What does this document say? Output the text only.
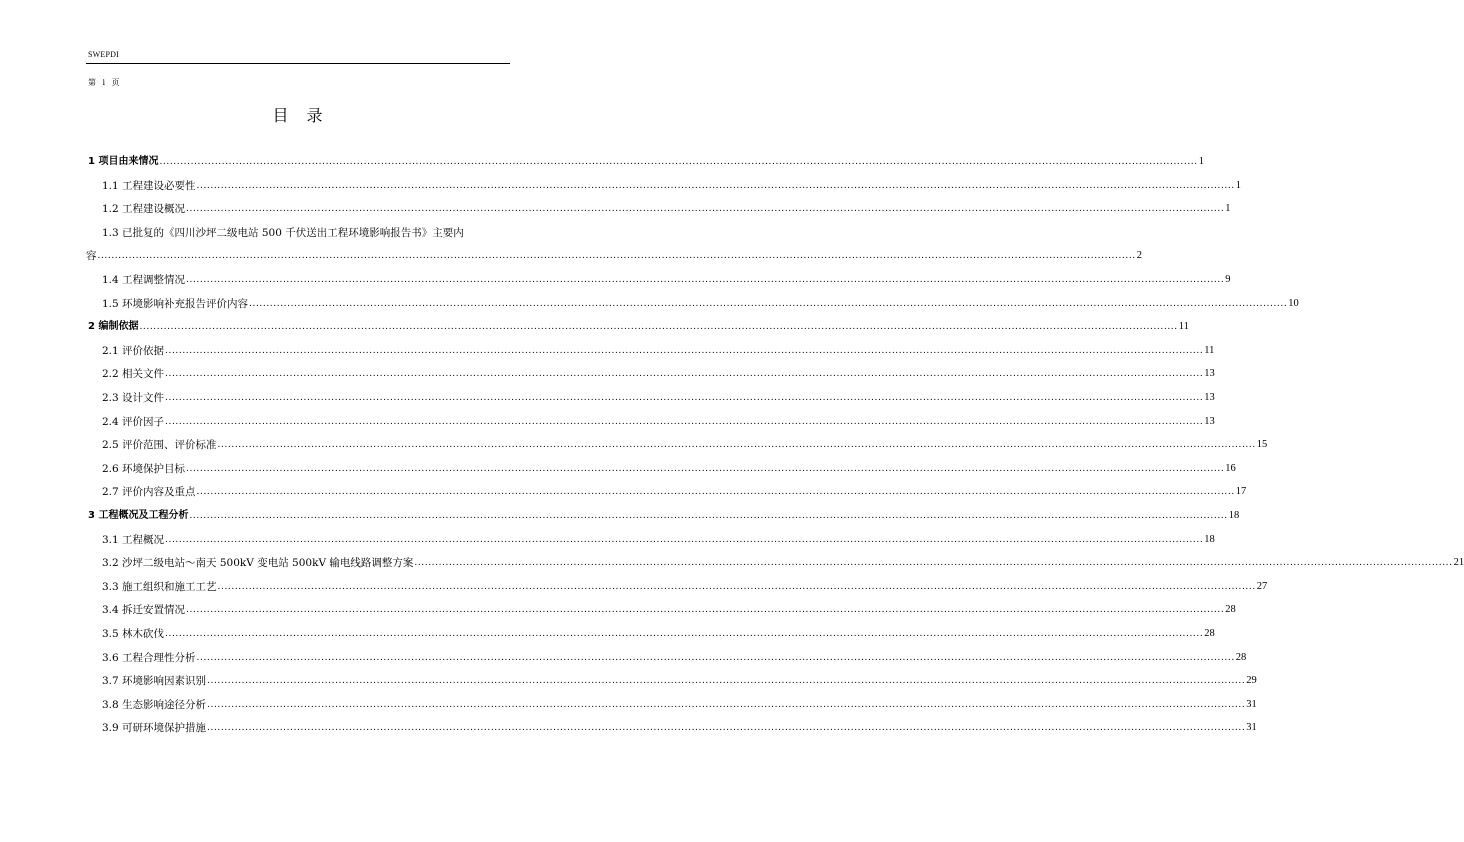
SWEPDI
第 i 页
目录
1 项目由来情况 ............................................................................................................................................................................................................................................................................................................ 1
1.1 工程建设必要性 ............................................................................................................................................................................................................................................................................................................ 1
1.2 工程建设概况 ............................................................................................................................................................................................................................................................................................................ 1
1.3 已批复的《四川沙坪二级电站 500 千伏送出工程环境影响报告书》主要内
容 ............................................................................................................................................................................................................................................................................................................ 2
1.4 工程调整情况 ............................................................................................................................................................................................................................................................................................................ 9
1.5 环境影响补充报告评价内容 ............................................................................................................................................................................................................................................................................................................ 10
2 编制依据 ............................................................................................................................................................................................................................................................................................................ 11
2.1 评价依据 ............................................................................................................................................................................................................................................................................................................ 11
2.2 相关文件 ............................................................................................................................................................................................................................................................................................................ 13
2.3 设计文件 ............................................................................................................................................................................................................................................................................................................ 13
2.4 评价因子 ............................................................................................................................................................................................................................................................................................................ 13
2.5 评价范围、评价标准 ............................................................................................................................................................................................................................................................................................................ 15
2.6 环境保护目标 ............................................................................................................................................................................................................................................................................................................ 16
2.7 评价内容及重点 ............................................................................................................................................................................................................................................................................................................ 17
3 工程概况及工程分析 ............................................................................................................................................................................................................................................................................................................ 18
3.1 工程概况 ............................................................................................................................................................................................................................................................................................................ 18
3.2 沙坪二级电站～南天 500kV 变电站 500kV 输电线路调整方案 ............................................................................................................................................................................................................................................................................................................ 21
3.3 施工组织和施工工艺 ............................................................................................................................................................................................................................................................................................................ 27
3.4 拆迁安置情况 ............................................................................................................................................................................................................................................................................................................ 28
3.5 林木砍伐 ............................................................................................................................................................................................................................................................................................................ 28
3.6 工程合理性分析 ............................................................................................................................................................................................................................................................................................................ 28
3.7 环境影响因素识别 ............................................................................................................................................................................................................................................................................................................ 29
3.8 生态影响途径分析 ............................................................................................................................................................................................................................................................................................................ 31
3.9 可研环境保护措施 ............................................................................................................................................................................................................................................................................................................ 31
